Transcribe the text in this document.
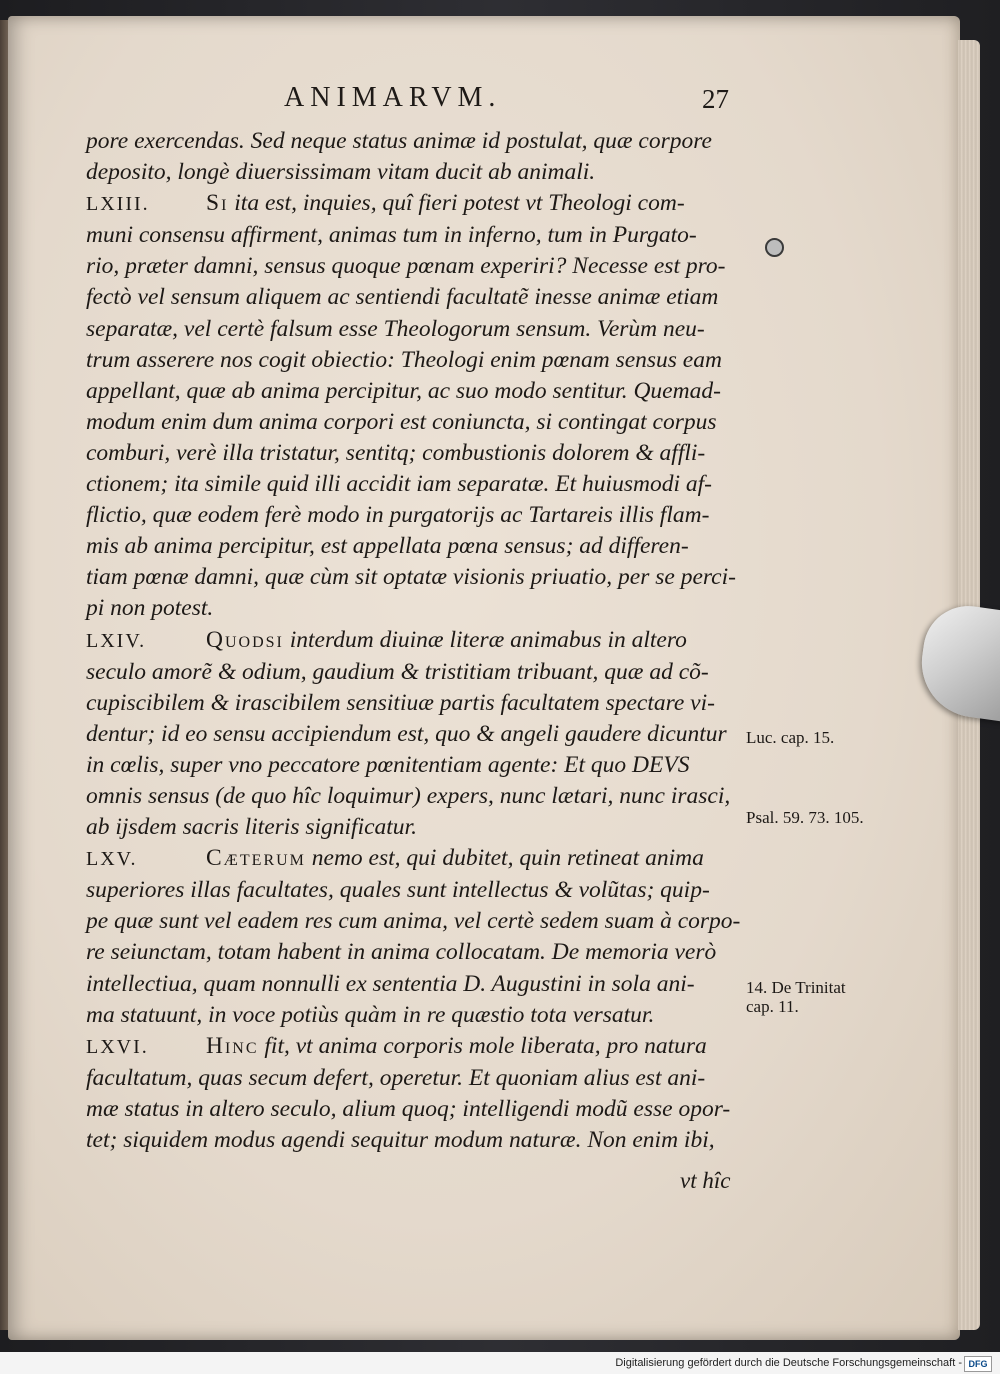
ANIMARVM.	27
pore exercendas. Sed neque status animæ id postulat, quæ corpore
deposito, longè diuersissimam vitam ducit ab animali.
LXIII. Si ita est, inquies, quî fieri potest vt Theologi com-
muni consensu affirment, animas tum in inferno, tum in Purgato-
rio, præter damni, sensus quoque pœnam experiri? Necesse est pro-
fectò vel sensum aliquem ac sentiendi facultatẽ inesse animæ etiam
separatæ, vel certè falsum esse Theologorum sensum. Verùm neu-
trum asserere nos cogit obiectio: Theologi enim pœnam sensus eam
appellant, quæ ab anima percipitur, ac suo modo sentitur. Quemad-
modum enim dum anima corpori est coniuncta, si contingat corpus
comburi, verè illa tristatur, sentitq; combustionis dolorem & affli-
ctionem; ita simile quid illi accidit iam separatæ. Et huiusmodi af-
flictio, quæ eodem ferè modo in purgatorijs ac Tartareis illis flam-
mis ab anima percipitur, est appellata pœna sensus; ad differen-
tiam pœnæ damni, quæ cùm sit optatæ visionis priuatio, per se perci-
pi non potest.
LXIV.	Quodsi interdum diuinæ literæ animabus in altero
seculo amorẽ & odium, gaudium & tristitiam tribuant, quæ ad cõ-
cupiscibilem & irascibilem sensitiuæ partis facultatem spectare vi-
dentur; id eo sensu accipiendum est, quo & angeli gaudere dicuntur
in cœlis, super vno peccatore pœnitentiam agente: Et quo DEVS
omnis sensus (de quo hîc loquimur) expers, nunc lætari, nunc irasci,
ab ijsdem sacris literis significatur.
LXV.	Cæterum nemo est, qui dubitet, quin retineat anima
superiores illas facultates, quales sunt intellectus & volũtas; quip-
pe quæ sunt vel eadem res cum anima, vel certè sedem suam à corpo-
re seiunctam, totam habent in anima collocatam. De memoria verò
intellectiua, quam nonnulli ex sententia D. Augustini in sola ani-
ma statuunt, in voce potiùs quàm in re quæstio tota versatur.
LXVI. Hinc fit, vt anima corporis mole liberata, pro natura
facultatum, quas secum defert, operetur. Et quoniam alius est ani-
mæ status in altero seculo, alium quoq; intelligendi modũ esse opor-
tet; siquidem modus agendi sequitur modum naturæ. Non enim ibi,
vt hîc
Luc. cap. 15.
Psal. 59. 73. 105.
14. De Trinitat
cap. 11.
Digitalisierung gefördert durch die Deutsche Forschungsgemeinschaft - DFG
